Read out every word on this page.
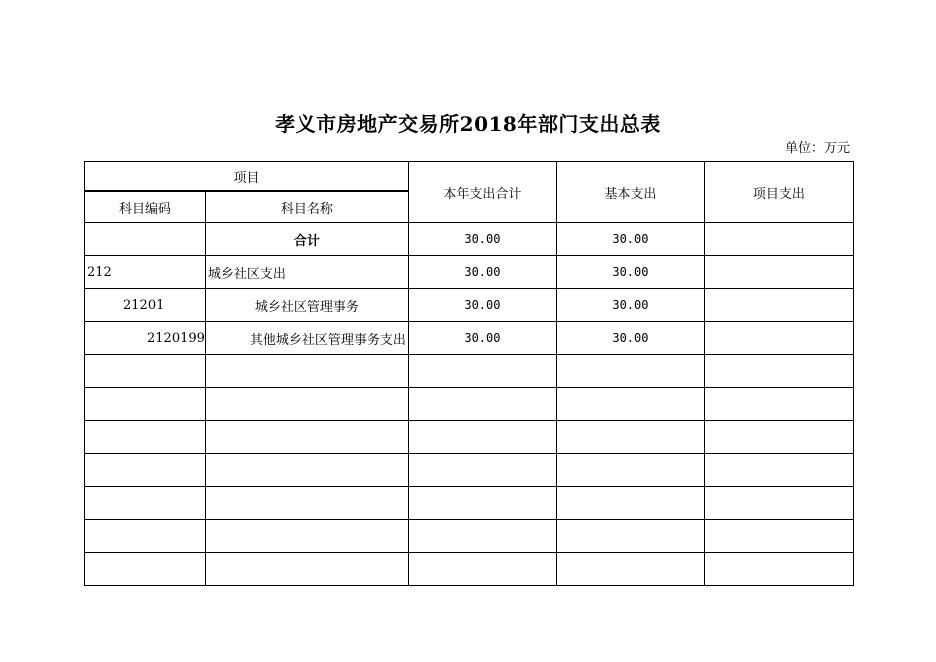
孝义市房地产交易所2018年部门支出总表
单位：万元
项目		本年支出合计	基本支出	项目支出
科目编码	科目名称			
	合计	30.00	30.00	
212	城乡社区支出	30.00	30.00	
21201	城乡社区管理事务	30.00	30.00	
2120199	其他城乡社区管理事务支出	30.00	30.00	
